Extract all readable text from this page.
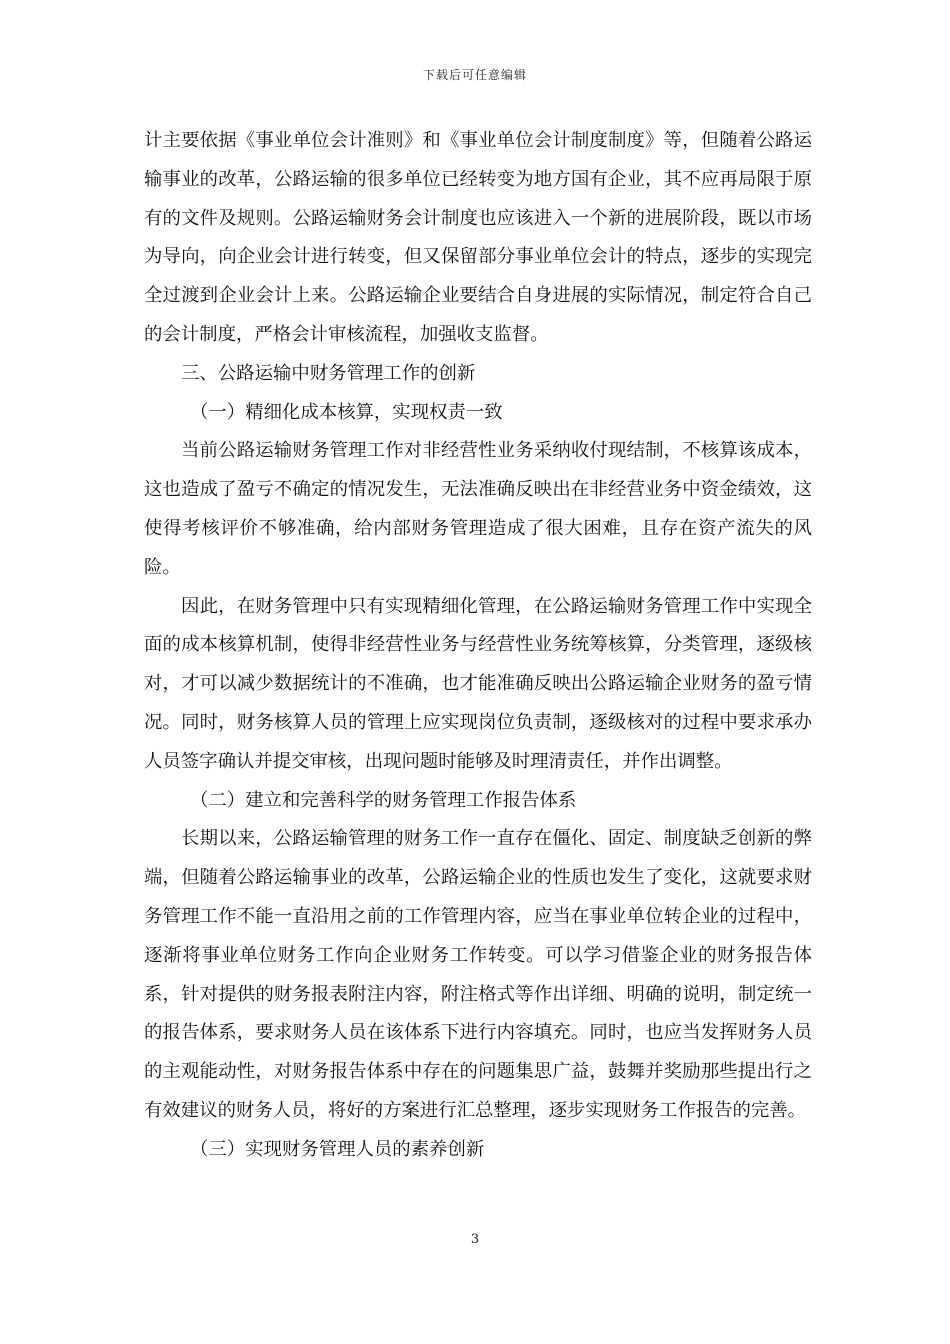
下载后可任意编辑

计主要依据《事业单位会计准则》和《事业单位会计制度制度》等，但随着公路运输事业的改革，公路运输的很多单位已经转变为地方国有企业，其不应再局限于原有的文件及规则。公路运输财务会计制度也应该进入一个新的进展阶段，既以市场为导向，向企业会计进行转变，但又保留部分事业单位会计的特点，逐步的实现完全过渡到企业会计上来。公路运输企业要结合自身进展的实际情况，制定符合自己的会计制度，严格会计审核流程，加强收支监督。

三、公路运输中财务管理工作的创新

（一）精细化成本核算，实现权责一致

当前公路运输财务管理工作对非经营性业务采纳收付现结制，不核算该成本，这也造成了盈亏不确定的情况发生，无法准确反映出在非经营业务中资金绩效，这使得考核评价不够准确，给内部财务管理造成了很大困难，且存在资产流失的风险。

因此，在财务管理中只有实现精细化管理，在公路运输财务管理工作中实现全面的成本核算机制，使得非经营性业务与经营性业务统筹核算，分类管理，逐级核对，才可以减少数据统计的不准确，也才能准确反映出公路运输企业财务的盈亏情况。同时，财务核算人员的管理上应实现岗位负责制，逐级核对的过程中要求承办人员签字确认并提交审核，出现问题时能够及时理清责任，并作出调整。

（二）建立和完善科学的财务管理工作报告体系

长期以来，公路运输管理的财务工作一直存在僵化、固定、制度缺乏创新的弊端，但随着公路运输事业的改革，公路运输企业的性质也发生了变化，这就要求财务管理工作不能一直沿用之前的工作管理内容，应当在事业单位转企业的过程中，逐渐将事业单位财务工作向企业财务工作转变。可以学习借鉴企业的财务报告体系，针对提供的财务报表附注内容，附注格式等作出详细、明确的说明，制定统一的报告体系，要求财务人员在该体系下进行内容填充。同时，也应当发挥财务人员的主观能动性，对财务报告体系中存在的问题集思广益，鼓舞并奖励那些提出行之有效建议的财务人员，将好的方案进行汇总整理，逐步实现财务工作报告的完善。

（三）实现财务管理人员的素养创新

3
